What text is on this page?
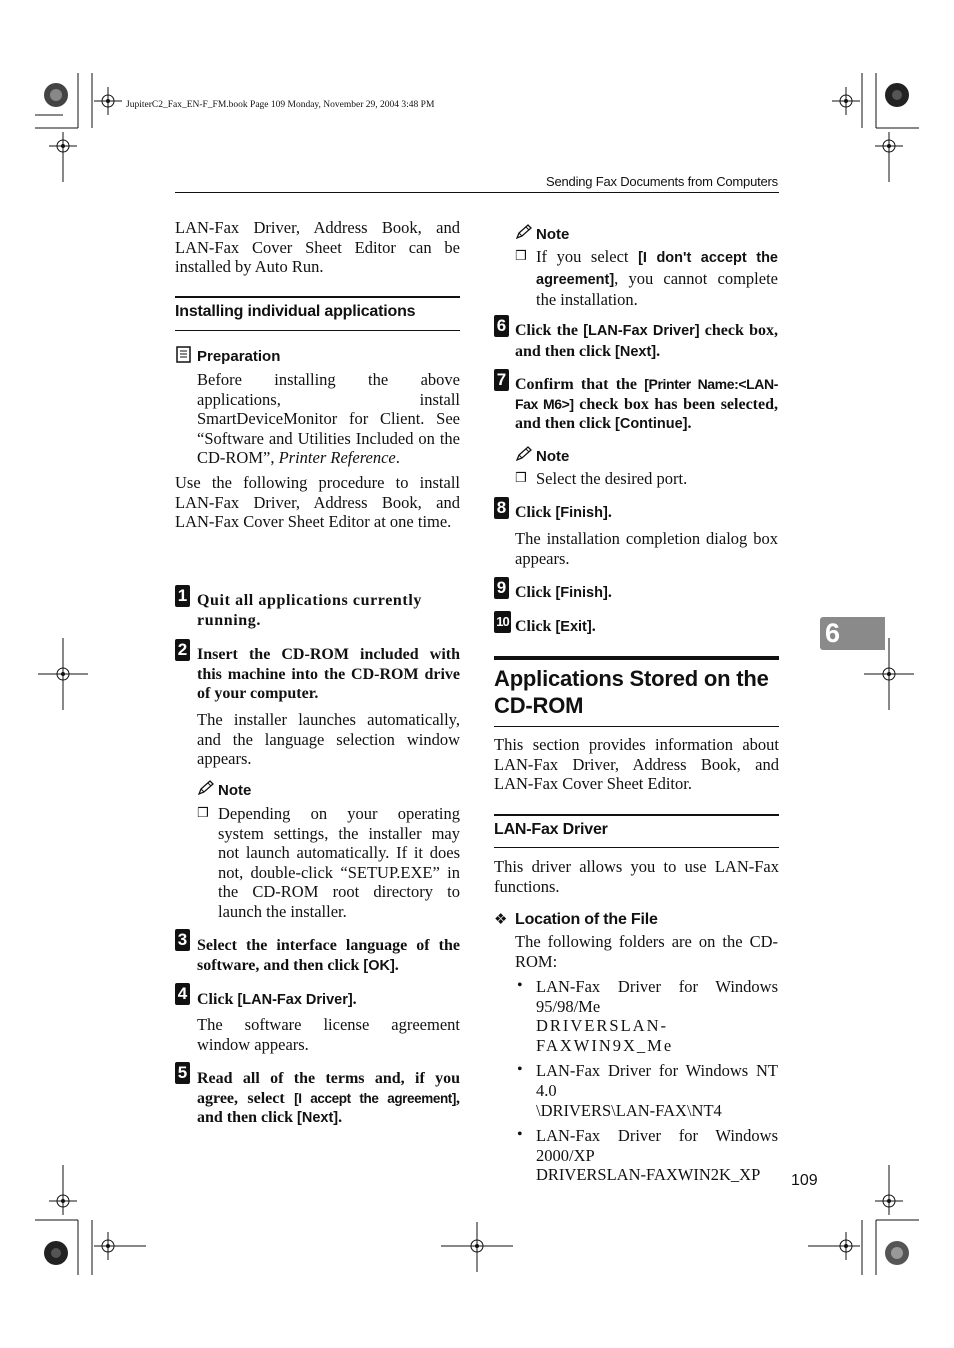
JupiterC2_Fax_EN-F_FM.book Page 109 Monday, November 29, 2004 3:48 PM
Sending Fax Documents from Computers
6
LAN-Fax Driver, Address Book, and LAN-Fax Cover Sheet Editor can be installed by Auto Run.
Installing individual applications
Preparation
Before installing the above applications, install SmartDeviceMonitor for Client. See “Software and Utilities Included on the CD-ROM”, Printer Reference.
Use the following procedure to install LAN-Fax Driver, Address Book, and LAN-Fax Cover Sheet Editor at one time.
1 Quit all applications currently running.
2 Insert the CD-ROM included with this machine into the CD-ROM drive of your computer.
The installer launches automatically, and the language selection window appears.
Note
❒ Depending on your operating system settings, the installer may not launch automatically. If it does not, double-click “SETUP.EXE” in the CD-ROM root directory to launch the installer.
3 Select the interface language of the software, and then click [OK].
4 Click [LAN-Fax Driver].
The software license agreement window appears.
5 Read all of the terms and, if you agree, select [I accept the agreement], and then click [Next].
Note
❒ If you select [I don't accept the agreement], you cannot complete the installation.
6 Click the [LAN-Fax Driver] check box, and then click [Next].
7 Confirm that the [Printer Name:<LAN-Fax M6>] check box has been selected, and then click [Continue].
Note
❒ Select the desired port.
8 Click [Finish].
The installation completion dialog box appears.
9 Click [Finish].
10 Click [Exit].
Applications Stored on the CD-ROM
This section provides information about LAN-Fax Driver, Address Book, and LAN-Fax Cover Sheet Editor.
LAN-Fax Driver
This driver allows you to use LAN-Fax functions.
❖ Location of the File
The following folders are on the CD-ROM:
• LAN-Fax Driver for Windows 95/98/Me
DRIVERSLAN-FAXWIN9X_Me
• LAN-Fax Driver for Windows NT 4.0
\DRIVERS\LAN-FAX\NT4
• LAN-Fax Driver for Windows 2000/XP
DRIVERSLAN-FAXWIN2K_XP	109
